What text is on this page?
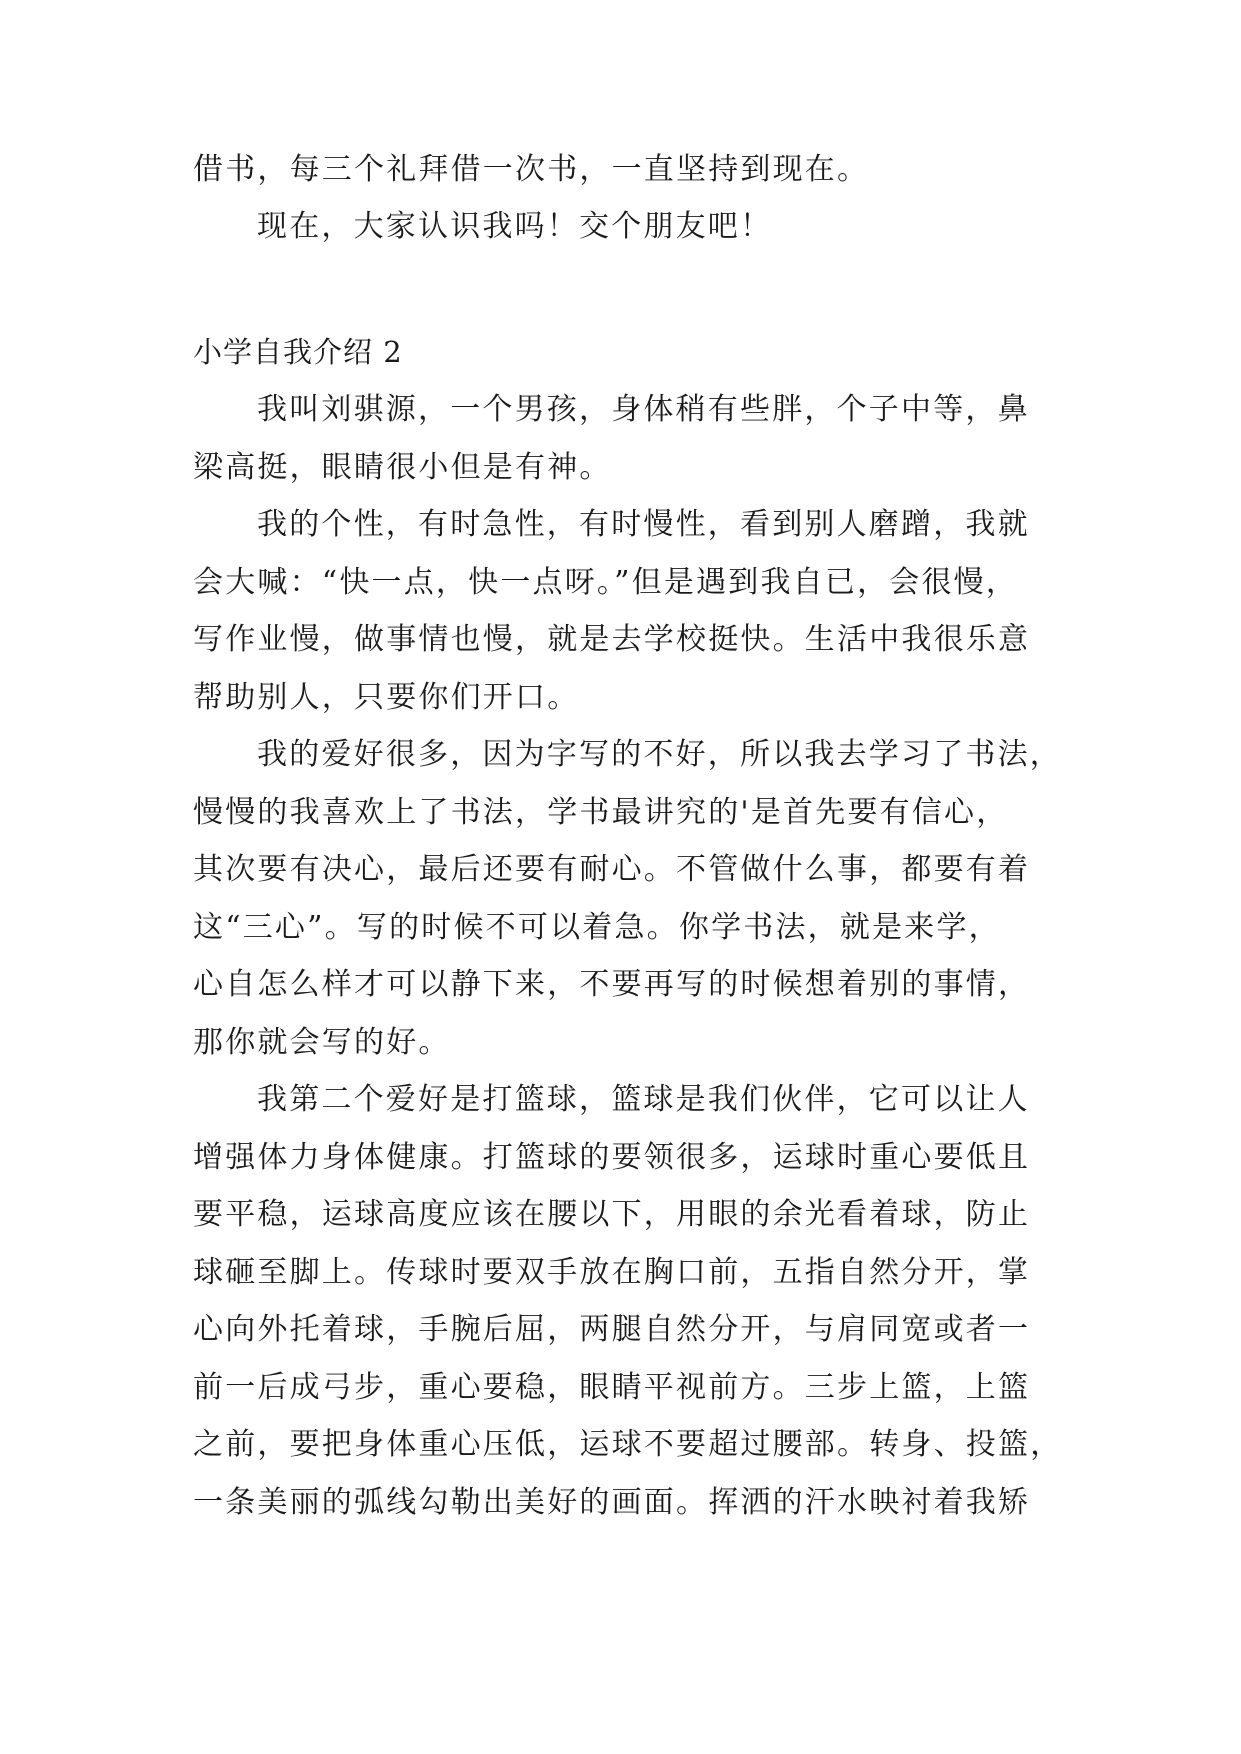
借书，每三个礼拜借一次书，一直坚持到现在。
现在，大家认识我吗！交个朋友吧！
小学自我介绍 2
我叫刘骐源，一个男孩，身体稍有些胖，个子中等，鼻
梁高挺，眼睛很小但是有神。
我的个性，有时急性，有时慢性，看到别人磨蹭，我就
会大喊：“快一点，快一点呀。”但是遇到我自已，会很慢，
写作业慢，做事情也慢，就是去学校挺快。生活中我很乐意
帮助别人，只要你们开口。
我的爱好很多，因为字写的不好，所以我去学习了书法，
慢慢的我喜欢上了书法，学书最讲究的'是首先要有信心，
其次要有决心，最后还要有耐心。不管做什么事，都要有着
这“三心”。写的时候不可以着急。你学书法，就是来学，
心自怎么样才可以静下来，不要再写的时候想着别的事情，
那你就会写的好。
我第二个爱好是打篮球，篮球是我们伙伴，它可以让人
增强体力身体健康。打篮球的要领很多，运球时重心要低且
要平稳，运球高度应该在腰以下，用眼的余光看着球，防止
球砸至脚上。传球时要双手放在胸口前，五指自然分开，掌
心向外托着球，手腕后屈，两腿自然分开，与肩同宽或者一
前一后成弓步，重心要稳，眼睛平视前方。三步上篮，上篮
之前，要把身体重心压低，运球不要超过腰部。转身、投篮，
一条美丽的弧线勾勒出美好的画面。挥洒的汗水映衬着我矫
